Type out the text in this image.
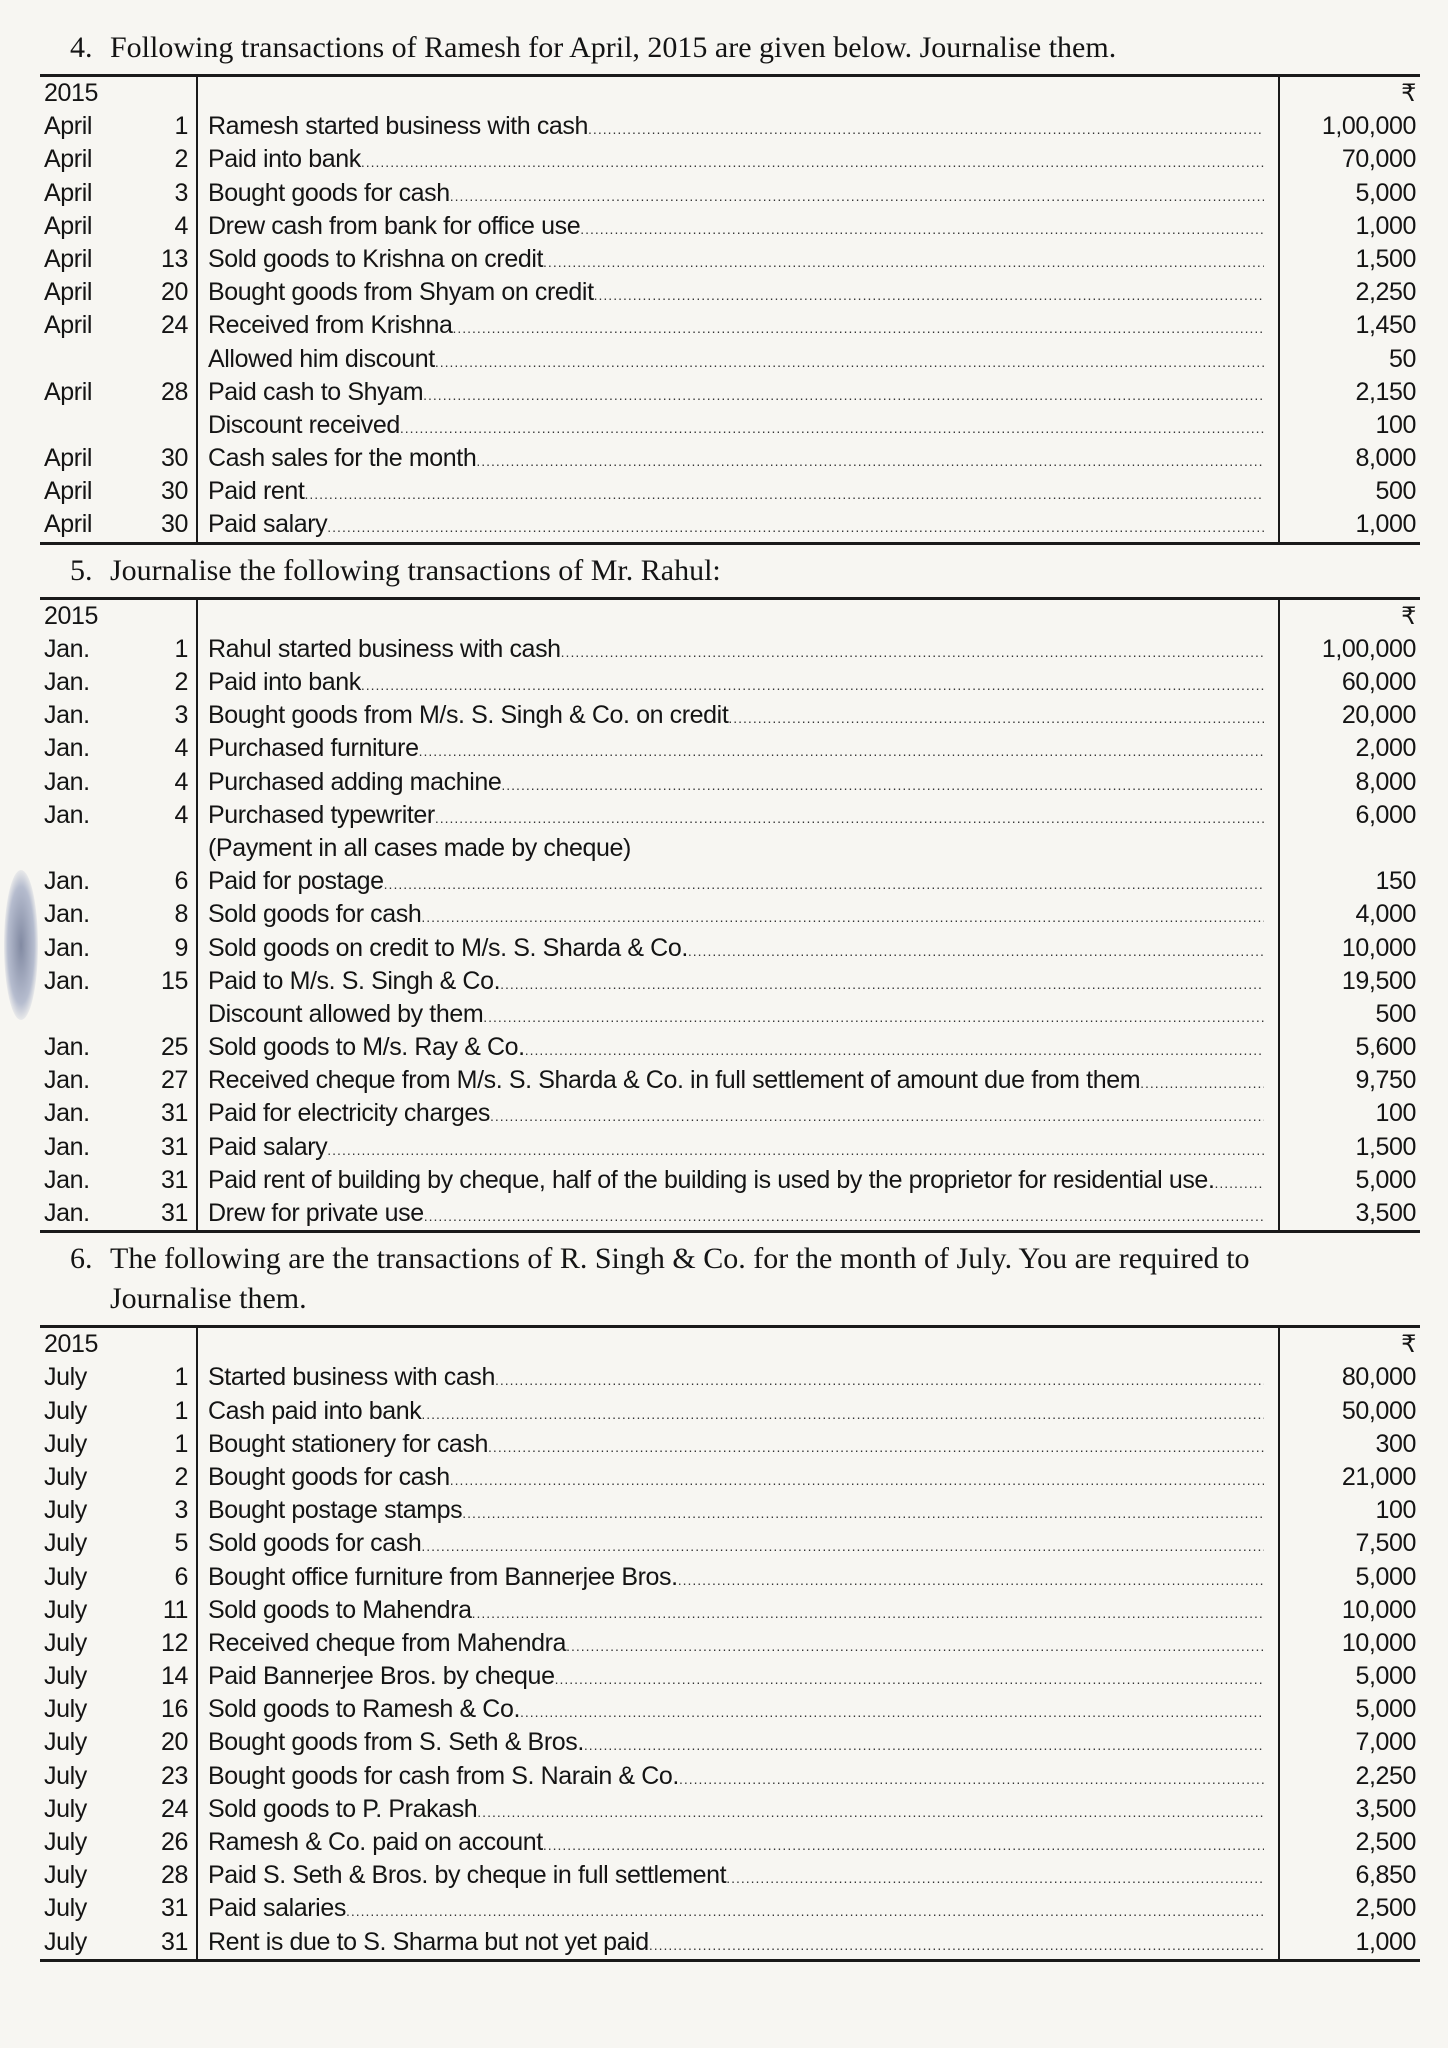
4. Following transactions of Ramesh for April, 2015 are given below. Journalise them.
2015	₹
April	1 Ramesh started business with cash .....	1,00,000
April	2 Paid into bank .....	70,000
April	3 Bought goods for cash .....	5,000
April	4 Drew cash from bank for office use .....	1,000
April	13 Sold goods to Krishna on credit .....	1,500
April	20 Bought goods from Shyam on credit .....	2,250
April	24 Received from Krishna .....	1,450
Allowed him discount .....	50
April	28 Paid cash to Shyam .....	2,150
Discount received .....	100
April	30 Cash sales for the month .....	8,000
April	30 Paid rent .....	500
April	30 Paid salary .....	1,000
5. Journalise the following transactions of Mr. Rahul:
2015	₹
Jan.	1 Rahul started business with cash .....	1,00,000
Jan.	2 Paid into bank .....	60,000
Jan.	3 Bought goods from M/s. S. Singh & Co. on credit .....	20,000
Jan.	4 Purchased furniture .....	2,000
Jan.	4 Purchased adding machine .....	8,000
Jan.	4 Purchased typewriter .....	6,000
(Payment in all cases made by cheque)
Jan.	6 Paid for postage .....	150
Jan.	8 Sold goods for cash .....	4,000
Jan.	9 Sold goods on credit to M/s. S. Sharda & Co. .....	10,000
Jan.	15 Paid to M/s. S. Singh & Co. .....	19,500
Discount allowed by them .....	500
Jan.	25 Sold goods to M/s. Ray & Co. .....	5,600
Jan.	27 Received cheque from M/s. S. Sharda & Co. in full settlement of amount due from them .....	9,750
Jan.	31 Paid for electricity charges .....	100
Jan.	31 Paid salary .....	1,500
Jan.	31 Paid rent of building by cheque, half of the building is used by the proprietor for residential use. .....	5,000
Jan.	31 Drew for private use .....	3,500
6. The following are the transactions of R. Singh & Co. for the month of July. You are required to
Journalise them.
2015	₹
July	1 Started business with cash .....	80,000
July	1 Cash paid into bank .....	50,000
July	1 Bought stationery for cash .....	300
July	2 Bought goods for cash .....	21,000
July	3 Bought postage stamps .....	100
July	5 Sold goods for cash .....	7,500
July	6 Bought office furniture from Bannerjee Bros. .....	5,000
July	11 Sold goods to Mahendra .....	10,000
July	12 Received cheque from Mahendra .....	10,000
July	14 Paid Bannerjee Bros. by cheque .....	5,000
July	16 Sold goods to Ramesh & Co. .....	5,000
July	20 Bought goods from S. Seth & Bros. .....	7,000
July	23 Bought goods for cash from S. Narain & Co. .....	2,250
July	24 Sold goods to P. Prakash .....	3,500
July	26 Ramesh & Co. paid on account .....	2,500
July	28 Paid S. Seth & Bros. by cheque in full settlement .....	6,850
July	31 Paid salaries .....	2,500
July	31 Rent is due to S. Sharma but not yet paid .....	1,000
